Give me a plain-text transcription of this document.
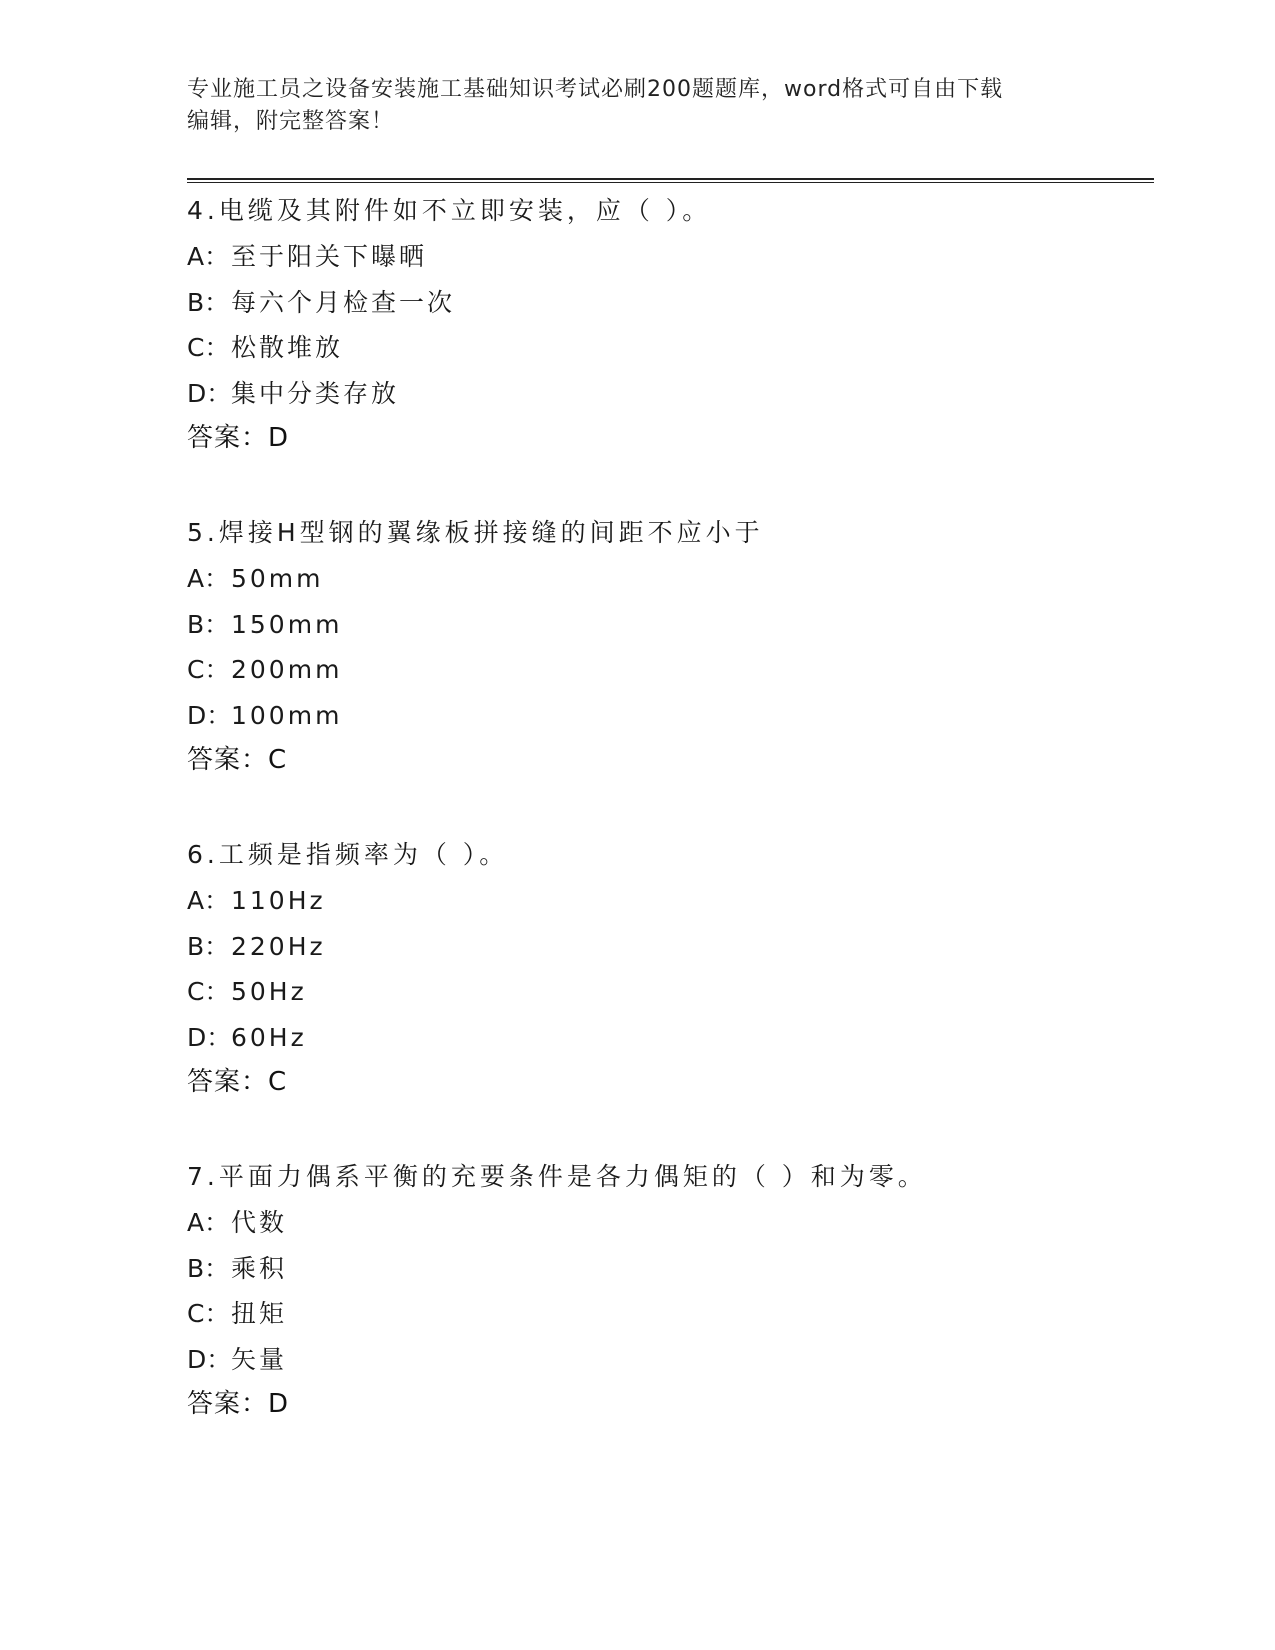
专业施工员之设备安装施工基础知识考试必刷200题题库，word格式可自由下载
编辑，附完整答案！
4.电缆及其附件如不立即安装，应（ ）。
A：至于阳关下曝晒
B：每六个月检查一次
C：松散堆放
D：集中分类存放
答案：D
5.焊接H型钢的翼缘板拼接缝的间距不应小于
A：50mm
B：150mm
C：200mm
D：100mm
答案：C
6.工频是指频率为（ ）。
A：110Hz
B：220Hz
C：50Hz
D：60Hz
答案：C
7.平面力偶系平衡的充要条件是各力偶矩的（ ）和为零。
A：代数
B：乘积
C：扭矩
D：矢量
答案：D
